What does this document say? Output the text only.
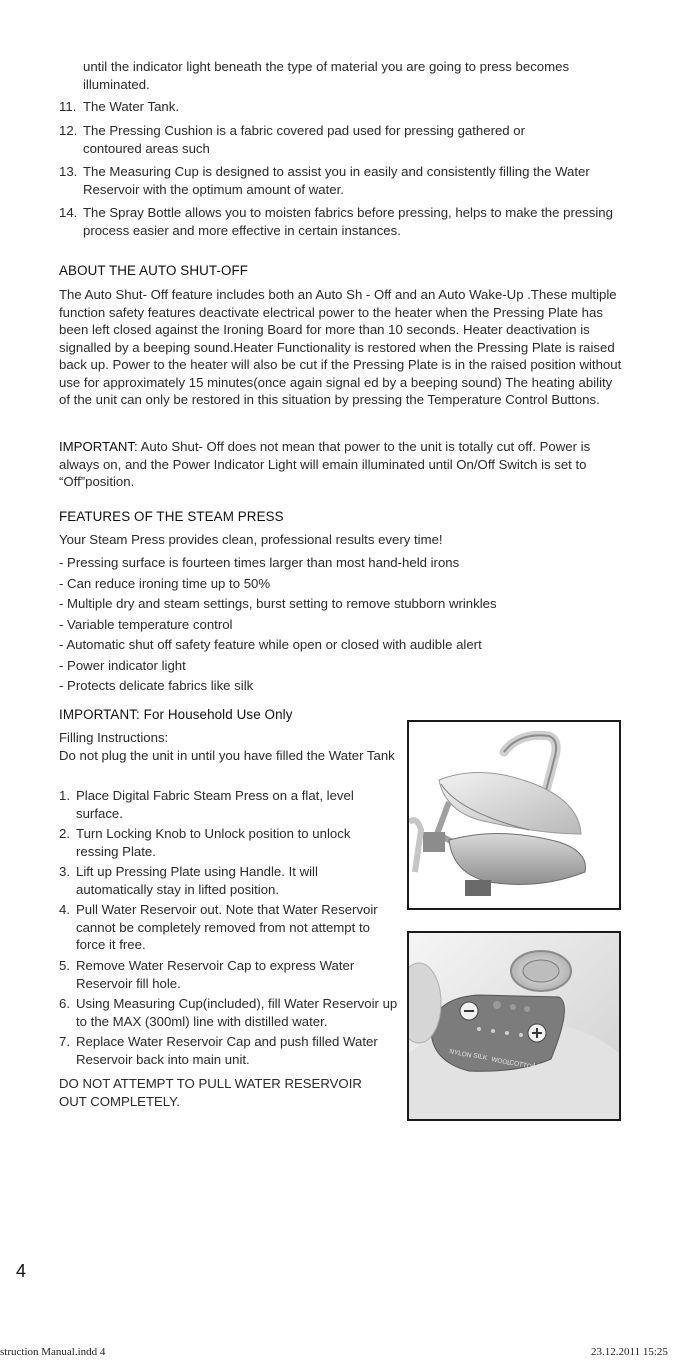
until the indicator light beneath the type of material you are going to press becomes illuminated.
11. The Water Tank.
12. The Pressing Cushion is a fabric covered pad used for pressing gathered or contoured areas such
13. The Measuring Cup is designed to assist you in easily and consistently filling the Water Reservoir with the optimum amount of water.
14. The Spray Bottle allows you to moisten fabrics before pressing, helps to make the pressing process easier and more effective in certain instances.
ABOUT THE AUTO SHUT-OFF
The Auto Shut- Off feature includes both an Auto Sh - Off and an Auto Wake-Up .These multiple function safety features deactivate electrical power to the heater when the Pressing Plate has been left closed against the Ironing Board for more than 10 seconds. Heater deactivation is signalled by a beeping sound.Heater Functionality is restored when the Pressing Plate is raised back up. Power to the heater will also be cut if the Pressing Plate is in the raised position without use for approximately 15 minutes(once again signal ed by a beeping sound) The heating ability of the unit can only be restored in this situation by pressing the Temperature Control Buttons.
IMPORTANT: Auto Shut- Off does not mean that power to the unit is totally cut off. Power is always on, and the Power Indicator Light will emain illuminated until On/Off Switch is set to “Off”position.
FEATURES OF THE STEAM PRESS
Your Steam Press provides clean, professional results every time!
- Pressing surface is fourteen times larger than most hand-held irons
- Can reduce ironing time up to 50%
- Multiple dry and steam settings, burst setting to remove stubborn wrinkles
- Variable temperature control
- Automatic shut off safety feature while open or closed with audible alert
- Power indicator light
- Protects delicate fabrics like silk
IMPORTANT: For Household Use Only
Filling Instructions:
Do not plug the unit in until you have filled the Water Tank
1. Place Digital Fabric Steam Press on a flat, level surface.
2. Turn Locking Knob to Unlock position to unlock ressing Plate.
3. Lift up Pressing Plate using Handle. It will automatically stay in lifted position.
4. Pull Water Reservoir out. Note that Water Reservoir cannot be completely removed from not attempt to force it free.
5. Remove Water Reservoir Cap to express Water Reservoir fill hole.
6. Using Measuring Cup(included), fill Water Reservoir up to the MAX (300ml) line with distilled water.
7. Replace Water Reservoir Cap and push filled Water Reservoir back into main unit.
DO NOT ATTEMPT TO PULL WATER RESERVOIR OUT COMPLETELY.
NYLON SILK WOOL
COTTON
LINEN
4
struction Manual.indd 4	23.12.2011 15:25
